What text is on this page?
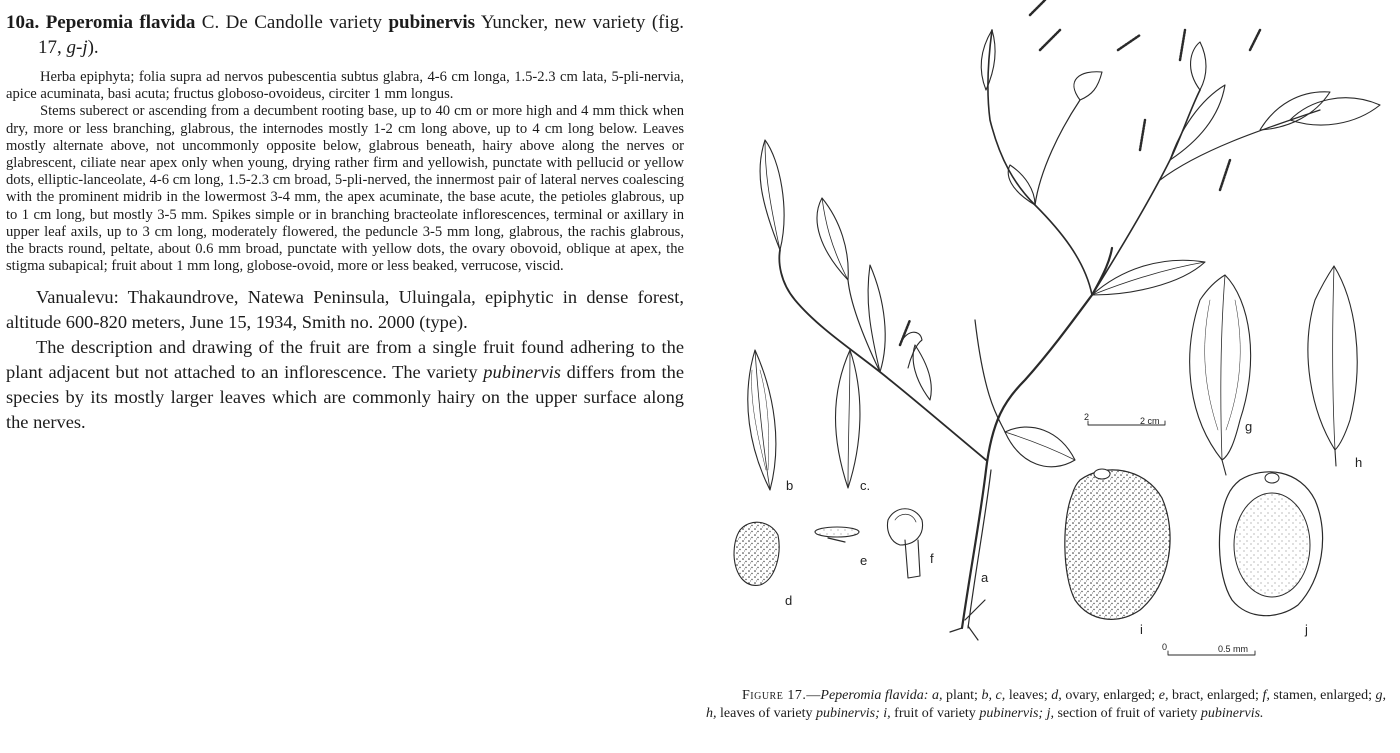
10a. Peperomia flavida C. De Candolle variety pubinervis Yuncker, new variety (fig. 17, g-j).

Herba epiphyta; folia supra ad nervos pubescentia subtus glabra, 4-6 cm longa, 1.5-2.3 cm lata, 5-pli-nervia, apice acuminata, basi acuta; fructus globoso-ovoideus, circiter 1 mm longus.

Stems suberect or ascending from a decumbent rooting base, up to 40 cm or more high and 4 mm thick when dry, more or less branching, glabrous, the internodes mostly 1-2 cm long above, up to 4 cm long below. Leaves mostly alternate above, not uncommonly opposite below, glabrous beneath, hairy above along the nerves or glabrescent, ciliate near apex only when young, drying rather firm and yellowish, punctate with pellucid or yellow dots, elliptic-lanceolate, 4-6 cm long, 1.5-2.3 cm broad, 5-pli-nerved, the innermost pair of lateral nerves coalescing with the prominent midrib in the lowermost 3-4 mm, the apex acuminate, the base acute, the petioles glabrous, up to 1 cm long, but mostly 3-5 mm. Spikes simple or in branching bracteolate inflorescences, terminal or axillary in upper leaf axils, up to 3 cm long, moderately flowered, the peduncle 3-5 mm long, glabrous, the rachis glabrous, the bracts round, peltate, about 0.6 mm broad, punctate with yellow dots, the ovary obovoid, oblique at apex, the stigma subapical; fruit about 1 mm long, globose-ovoid, more or less beaked, verrucose, viscid.

Vanualevu: Thakaundrove, Natewa Peninsula, Uluingala, epiphytic in dense forest, altitude 600-820 meters, June 15, 1934, Smith no. 2000 (type).

The description and drawing of the fruit are from a single fruit found adhering to the plant adjacent but not attached to an inflorescence. The variety pubinervis differs from the species by its mostly larger leaves which are commonly hairy on the upper surface along the nerves.

a
b	c.
d
e	f
g
h
i	j
2	2 cm
0	0.5 mm

Figure 17.—Peperomia flavida: a, plant; b, c, leaves; d, ovary, enlarged; e, bract, enlarged; f, stamen, enlarged; g, h, leaves of variety pubinervis; i, fruit of variety pubinervis; j, section of fruit of variety pubinervis.
